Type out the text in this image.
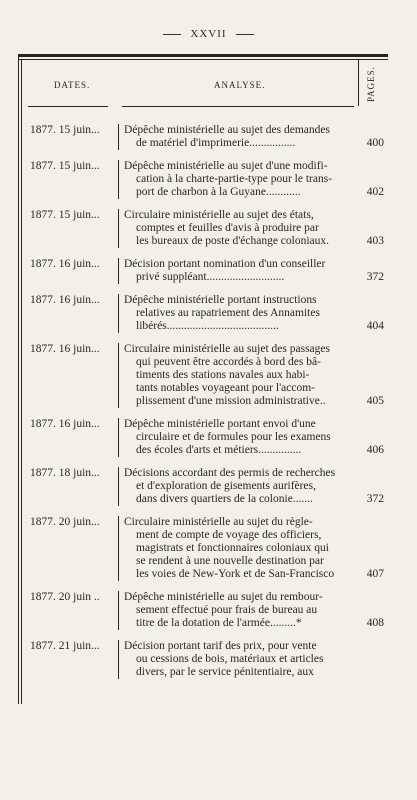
XXVII
DATES.	ANALYSE.	PAGES.
1877. 15 juin... Dépêche ministérielle au sujet des demandes
de matériel d'imprimerie................	400
1877. 15 juin... Dépêche ministérielle au sujet d'une modifi-
cation à la charte-partie-type pour le trans-
port de charbon à la Guyane............	402
1877. 15 juin... Circulaire ministérielle au sujet des états,
comptes et feuilles d'avis à produire par
les bureaux de poste d'échange coloniaux.	403
1877. 16 juin... Décision portant nomination d'un conseiller
privé suppléant...........................	372
1877. 16 juin... Dépêche ministérielle portant instructions
relatives au rapatriement des Annamites
libérés.......................................	404
1877. 16 juin... Circulaire ministérielle au sujet des passages
qui peuvent être accordés à bord des bâ-
timents des stations navales aux habi-
tants notables voyageant pour l'accom-
plissement d'une mission administrative..	405
1877. 16 juin... Dépêche ministérielle portant envoi d'une
circulaire et de formules pour les examens
des écoles d'arts et métiers...............	406
1877. 18 juin... Décisions accordant des permis de recherches
et d'exploration de gisements aurifères,
dans divers quartiers de la colonie.......	372
1877. 20 juin... Circulaire ministérielle au sujet du règle-
ment de compte de voyage des officiers,
magistrats et fonctionnaires coloniaux qui
se rendent à une nouvelle destination par
les voies de New-York et de San-Francisco	407
1877. 20 juin .. Dépêche ministérielle au sujet du rembour-
sement effectué pour frais de bureau au
titre de la dotation de l'armée.........*	408
1877. 21 juin... Décision portant tarif des prix, pour vente
ou cessions de bois, matériaux et articles
divers, par le service pénitentiaire, aux
